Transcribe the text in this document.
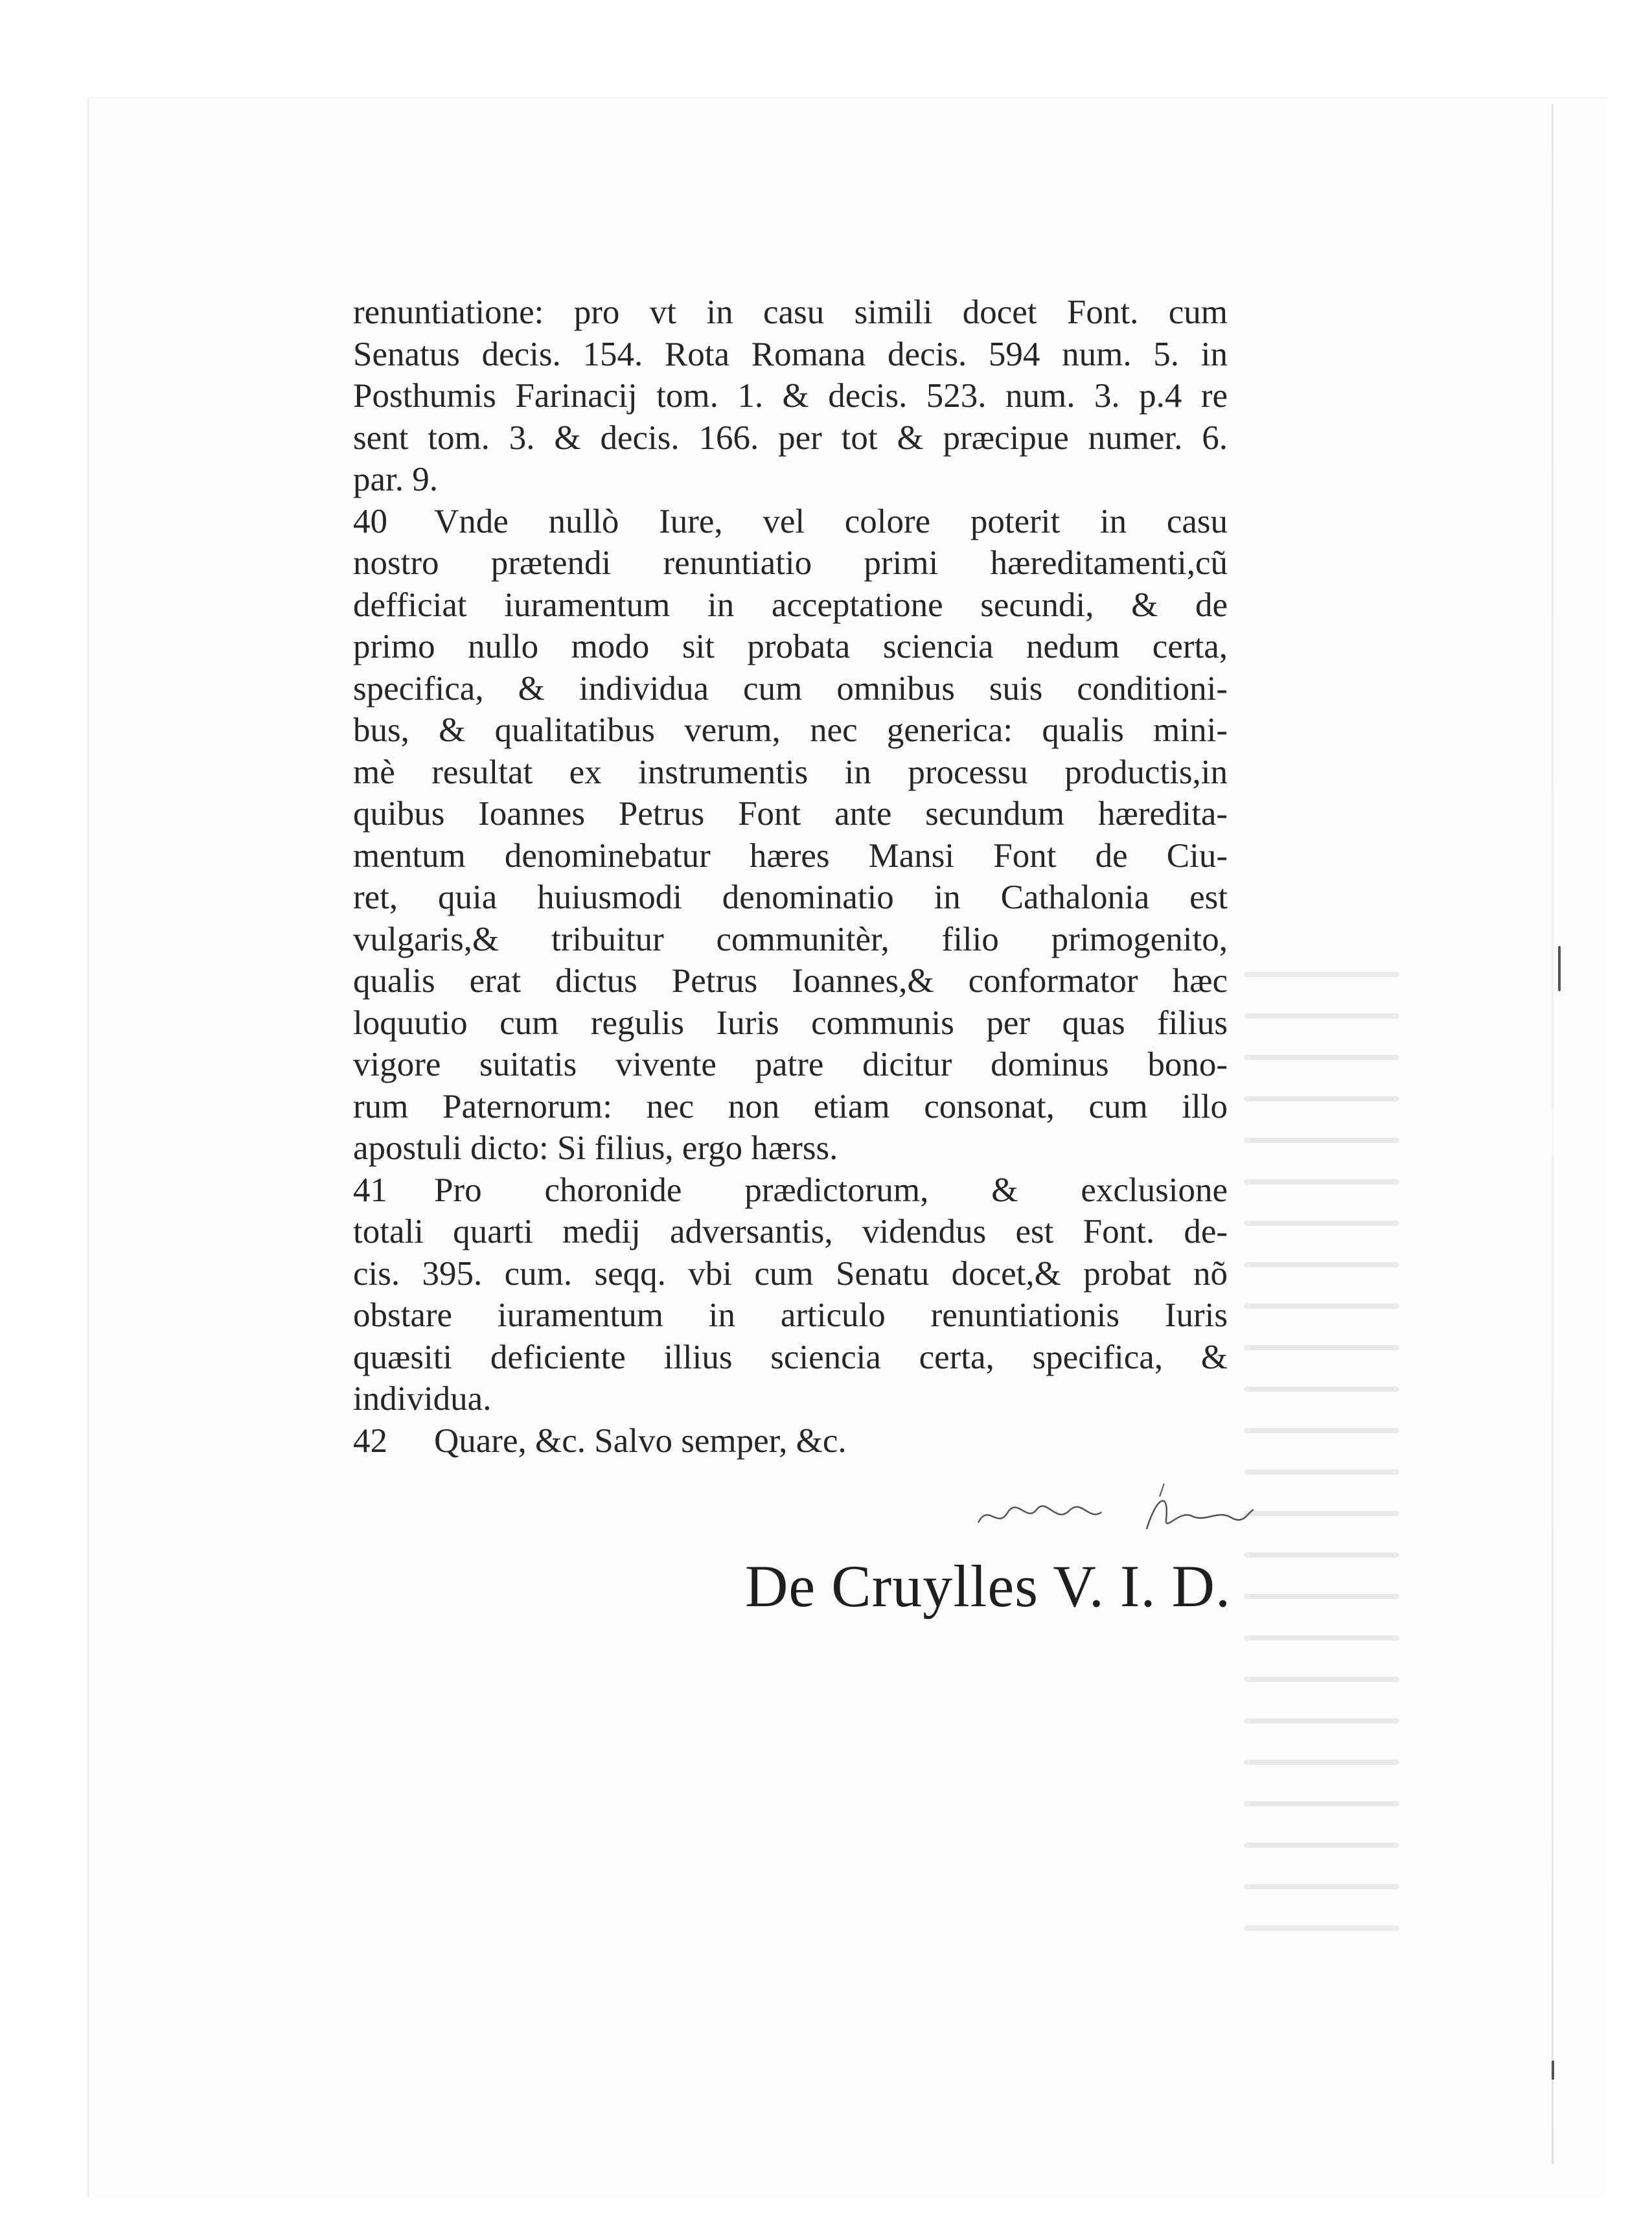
renuntiatione: pro vt in casu simili docet Font. cum
Senatus decis. 154. Rota Romana decis. 594 num. 5. in
Posthumis Farinacij tom. 1. & decis. 523. num. 3. p.4 re
sent tom. 3. & decis. 166. per tot & præcipue numer. 6.
par. 9.
40 Vnde nullò Iure, vel colore poterit in casu
nostro prætendi renuntiatio primi hæreditamenti,cũ
defficiat iuramentum in acceptatione secundi, & de
primo nullo modo sit probata sciencia nedum certa,
specifica, & individua cum omnibus suis conditioni-
bus, & qualitatibus verum, nec generica: qualis mini-
mè resultat ex instrumentis in processu productis,in
quibus Ioannes Petrus Font ante secundum hæredita-
mentum denominebatur hæres Mansi Font de Ciu-
ret, quia huiusmodi denominatio in Cathalonia est
vulgaris,& tribuitur communitèr, filio primogenito,
qualis erat dictus Petrus Ioannes,& conformator hæc
loquutio cum regulis Iuris communis per quas filius
vigore suitatis vivente patre dicitur dominus bono-
rum Paternorum: nec non etiam consonat, cum illo
apostuli dicto: Si filius, ergo hærss.
41 Pro choronide prædictorum, & exclusione
totali quarti medij adversantis, videndus est Font. de-
cis. 395. cum. seqq. vbi cum Senatu docet,& probat nõ
obstare iuramentum in articulo renuntiationis Iuris
quæsiti deficiente illius sciencia certa, specifica, &
individua.
42 Quare, &c. Salvo semper, &c.
De Cruylles V. I. D.
